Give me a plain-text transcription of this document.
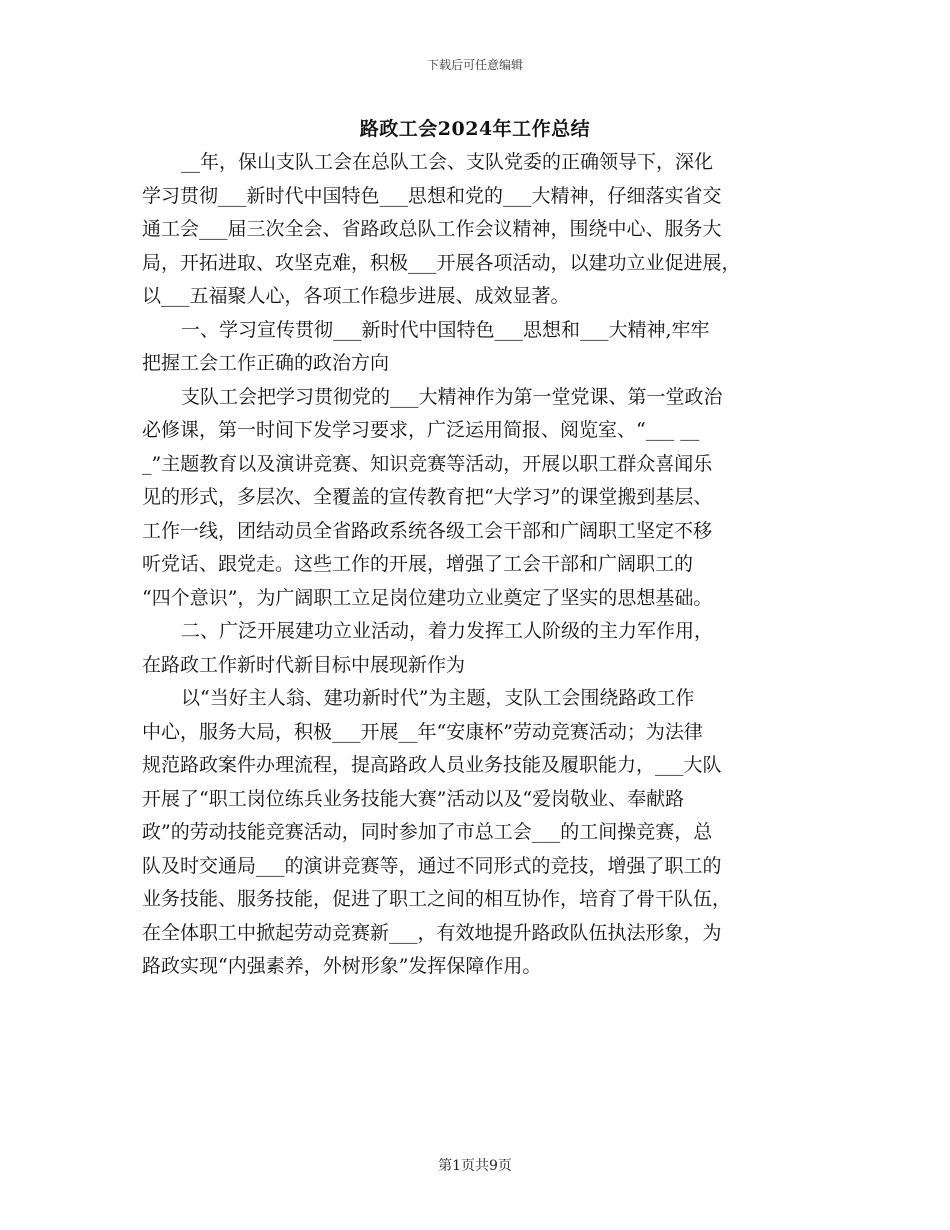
下载后可任意编辑
路政工会2024年工作总结
__年，保山支队工会在总队工会、支队党委的正确领导下，深化
学习贯彻___新时代中国特色___思想和党的___大精神，仔细落实省交
通工会___届三次全会、省路政总队工作会议精神，围绕中心、服务大
局，开拓进取、攻坚克难，积极___开展各项活动，以建功立业促进展，
以___五福聚人心，各项工作稳步进展、成效显著。
一、学习宣传贯彻___新时代中国特色___思想和___大精神,牢牢
把握工会工作正确的政治方向
支队工会把学习贯彻党的___大精神作为第一堂党课、第一堂政治
必修课，第一时间下发学习要求，广泛运用简报、阅览室、“___ __
_”主题教育以及演讲竞赛、知识竞赛等活动，开展以职工群众喜闻乐
见的形式，多层次、全覆盖的宣传教育把“大学习”的课堂搬到基层、
工作一线，团结动员全省路政系统各级工会干部和广阔职工坚定不移
听党话、跟党走。这些工作的开展，增强了工会干部和广阔职工的
“四个意识”，为广阔职工立足岗位建功立业奠定了坚实的思想基础。
二、广泛开展建功立业活动，着力发挥工人阶级的主力军作用，
在路政工作新时代新目标中展现新作为
以“当好主人翁、建功新时代”为主题，支队工会围绕路政工作
中心，服务大局，积极___开展__年“安康杯”劳动竞赛活动；为法律
规范路政案件办理流程，提高路政人员业务技能及履职能力，___大队
开展了“职工岗位练兵业务技能大赛”活动以及“爱岗敬业、奉献路
政”的劳动技能竞赛活动，同时参加了市总工会___的工间操竞赛，总
队及时交通局___的演讲竞赛等，通过不同形式的竞技，增强了职工的
业务技能、服务技能，促进了职工之间的相互协作，培育了骨干队伍，
在全体职工中掀起劳动竞赛新___，有效地提升路政队伍执法形象，为
路政实现“内强素养，外树形象”发挥保障作用。
第1页共9页
